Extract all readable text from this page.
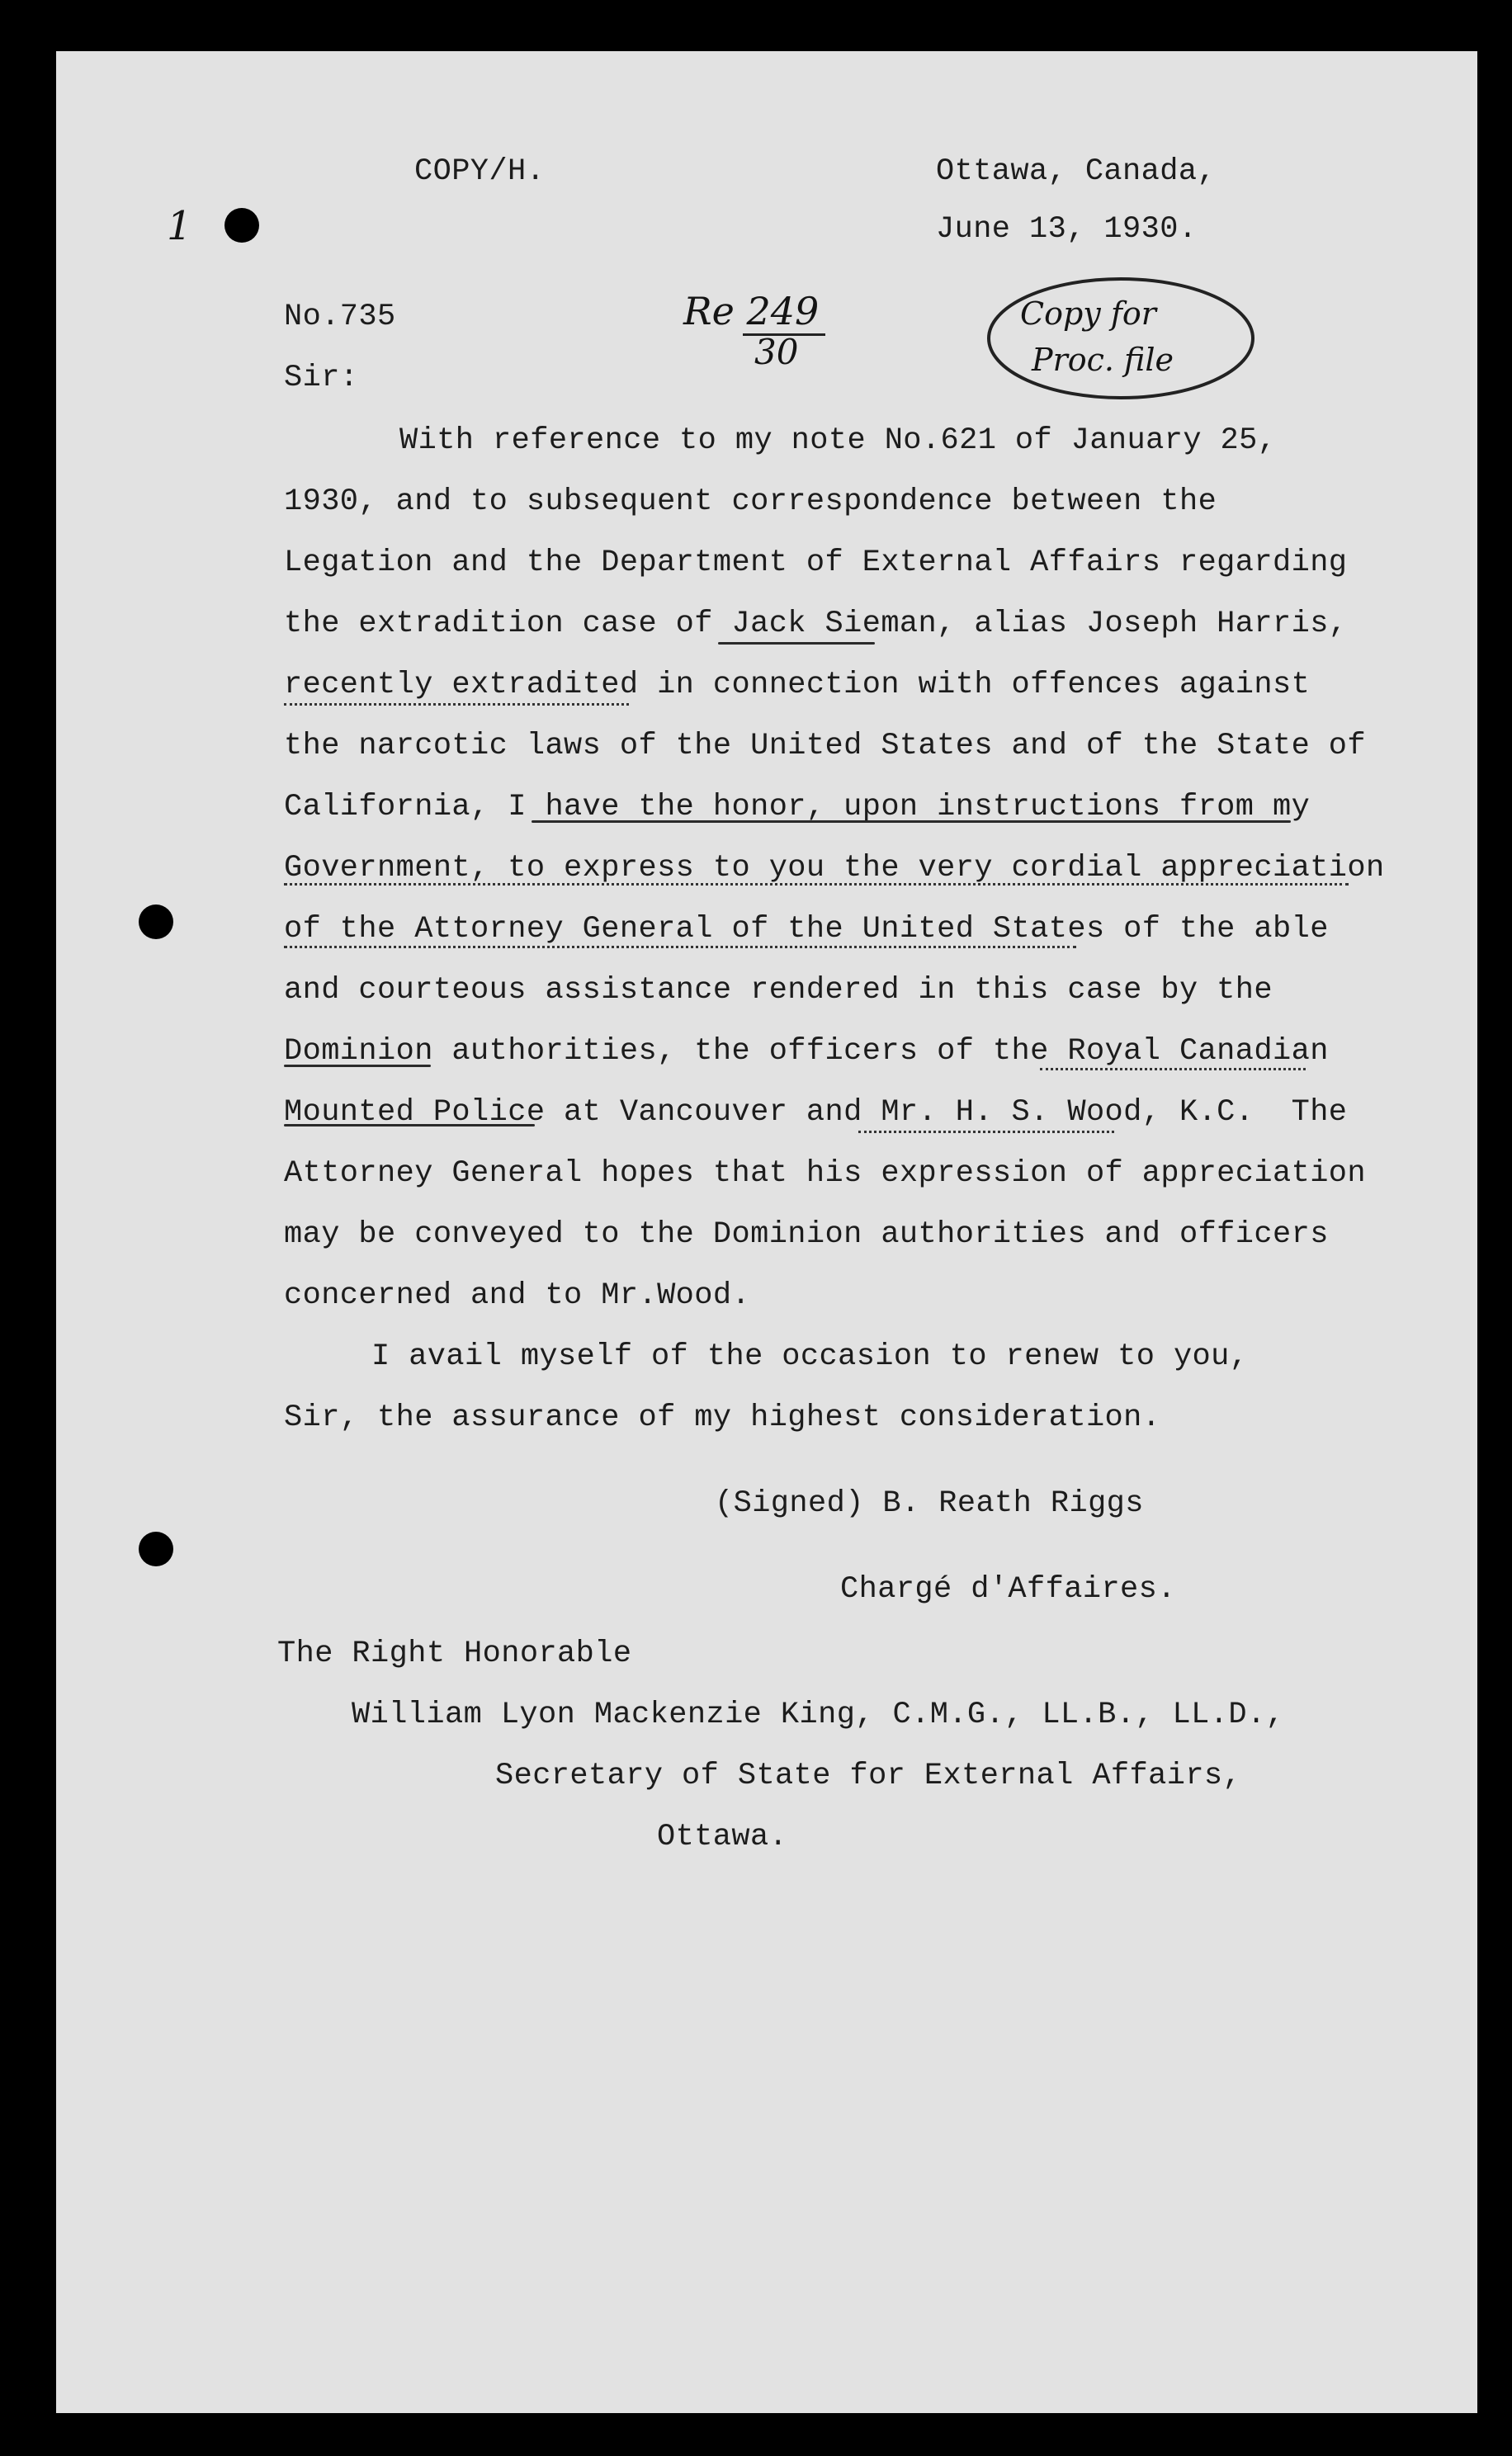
COPY/H.	Ottawa, Canada,
June 13, 1930.
1
Re 249
30
Copy for
Proc. file
No.735
Sir:
With reference to my note No.621 of January 25,
1930, and to subsequent correspondence between the
Legation and the Department of External Affairs regarding
the extradition case of Jack Sieman, alias Joseph Harris,
recently extradited in connection with offences against
the narcotic laws of the United States and of the State of
California, I have the honor, upon instructions from my
Government, to express to you the very cordial appreciation
of the Attorney General of the United States of the able
and courteous assistance rendered in this case by the
Dominion authorities, the officers of the Royal Canadian
Mounted Police at Vancouver and Mr. H. S. Wood, K.C.  The
Attorney General hopes that his expression of appreciation
may be conveyed to the Dominion authorities and officers
concerned and to Mr.Wood.
I avail myself of the occasion to renew to you,
Sir, the assurance of my highest consideration.
(Signed) B. Reath Riggs
Chargé d'Affaires.
The Right Honorable
William Lyon Mackenzie King, C.M.G., LL.B., LL.D.,
Secretary of State for External Affairs,
Ottawa.
